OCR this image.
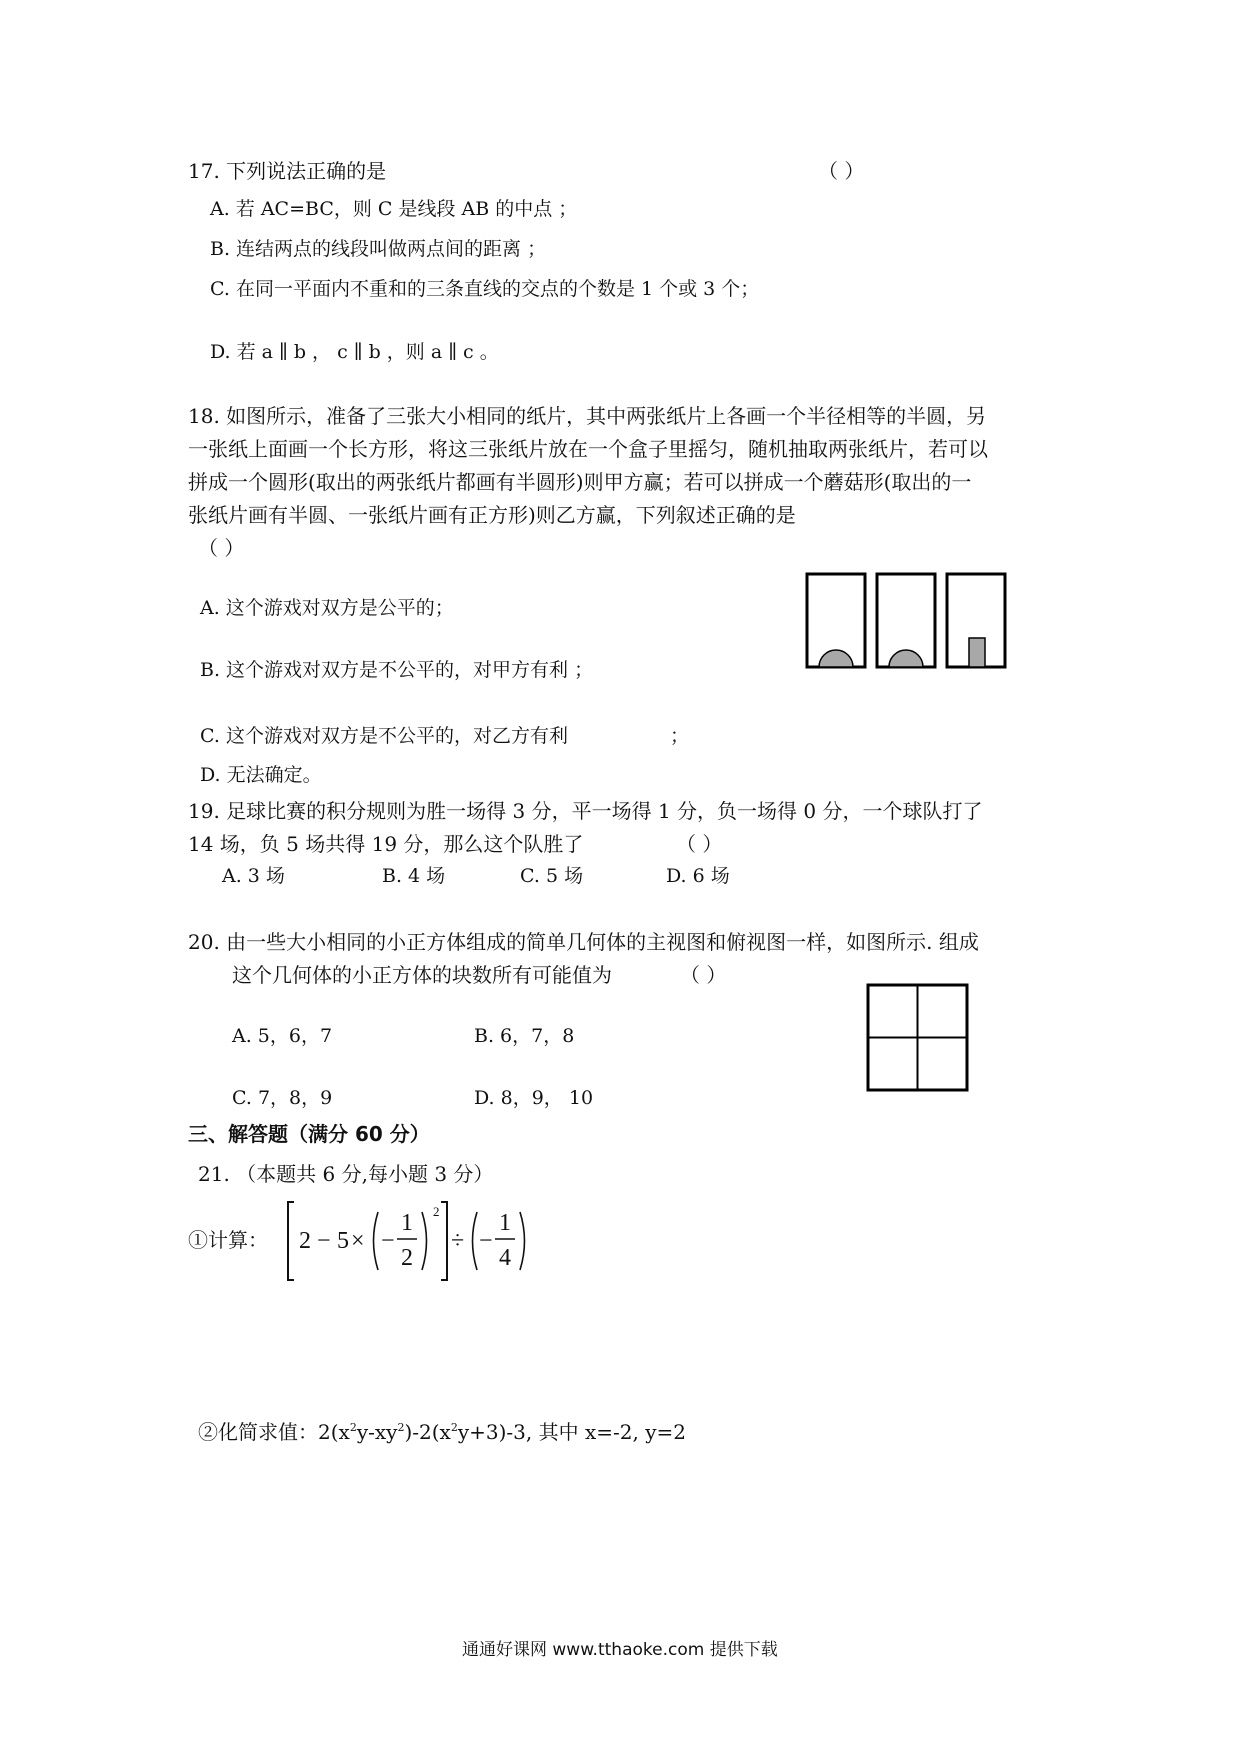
17. 下列说法正确的是	（ ）
A. 若 AC=BC，则 C 是线段 AB 的中点 ；
B. 连结两点的线段叫做两点间的距离 ；
C. 在同一平面内不重和的三条直线的交点的个数是 1 个或 3 个；
D. 若 a ∥ b ， c ∥ b ，则 a ∥ c 。
18. 如图所示，准备了三张大小相同的纸片，其中两张纸片上各画一个半径相等的半圆，另
一张纸上面画一个长方形，将这三张纸片放在一个盒子里摇匀，随机抽取两张纸片，若可以
拼成一个圆形(取出的两张纸片都画有半圆形)则甲方赢；若可以拼成一个蘑菇形(取出的一
张纸片画有半圆、一张纸片画有正方形)则乙方赢，下列叙述正确的是
（ ）
A. 这个游戏对双方是公平的；
B. 这个游戏对双方是不公平的，对甲方有利 ；
C. 这个游戏对双方是不公平的，对乙方有利	；
D. 无法确定。
19. 足球比赛的积分规则为胜一场得 3 分，平一场得 1 分，负一场得 0 分，一个球队打了
14 场，负 5 场共得 19 分，那么这个队胜了	（ ）
A. 3 场	B. 4 场	C. 5 场	D. 6 场
20. 由一些大小相同的小正方体组成的简单几何体的主视图和俯视图一样，如图所示. 组成
这个几何体的小正方体的块数所有可能值为	（ ）
A. 5，6，7	B. 6，7，8
C. 7，8，9	D. 8，9， 10
三、解答题（满分 60 分）
21. （本题共 6 分,每小题 3 分）
①计算： 2 − 5 × −
1
2
2
÷ −
1
4
②化简求值：$2(x^2y-xy^2)-2(x^2y+3)-3$, 其中 x=-2, y=2
通通好课网 www.tthaoke.com 提供下载
